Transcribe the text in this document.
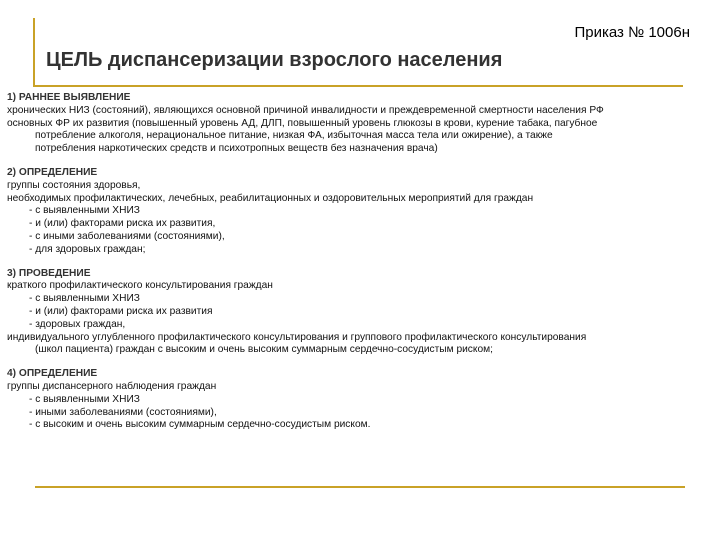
Приказ № 1006н
ЦЕЛЬ диспансеризации взрослого населения
1) РАННЕЕ ВЫЯВЛЕНИЕ
хронических НИЗ (состояний), являющихся основной причиной инвалидности и преждевременной смертности населения РФ
основных ФР их развития (повышенный уровень АД, ДЛП, повышенный уровень глюкозы в крови, курение табака, пагубное
потребление алкоголя, нерациональное питание, низкая ФА, избыточная масса тела или ожирение), а также
потребления наркотических средств и психотропных веществ без назначения врача)
2) ОПРЕДЕЛЕНИЕ
группы состояния здоровья,
необходимых профилактических, лечебных, реабилитационных и оздоровительных мероприятий для граждан
- с выявленными ХНИЗ
- и (или) факторами риска их развития,
- с иными заболеваниями (состояниями),
- для здоровых граждан;
3) ПРОВЕДЕНИЕ
краткого профилактического консультирования граждан
- с выявленными ХНИЗ
- и (или) факторами риска их развития
- здоровых граждан,
индивидуального углубленного профилактического консультирования и группового профилактического консультирования
(школ пациента) граждан с высоким и очень высоким суммарным сердечно-сосудистым риском;
4) ОПРЕДЕЛЕНИЕ
группы диспансерного наблюдения граждан
- с выявленными ХНИЗ
- иными заболеваниями (состояниями),
- с высоким и очень высоким суммарным сердечно-сосудистым риском.
